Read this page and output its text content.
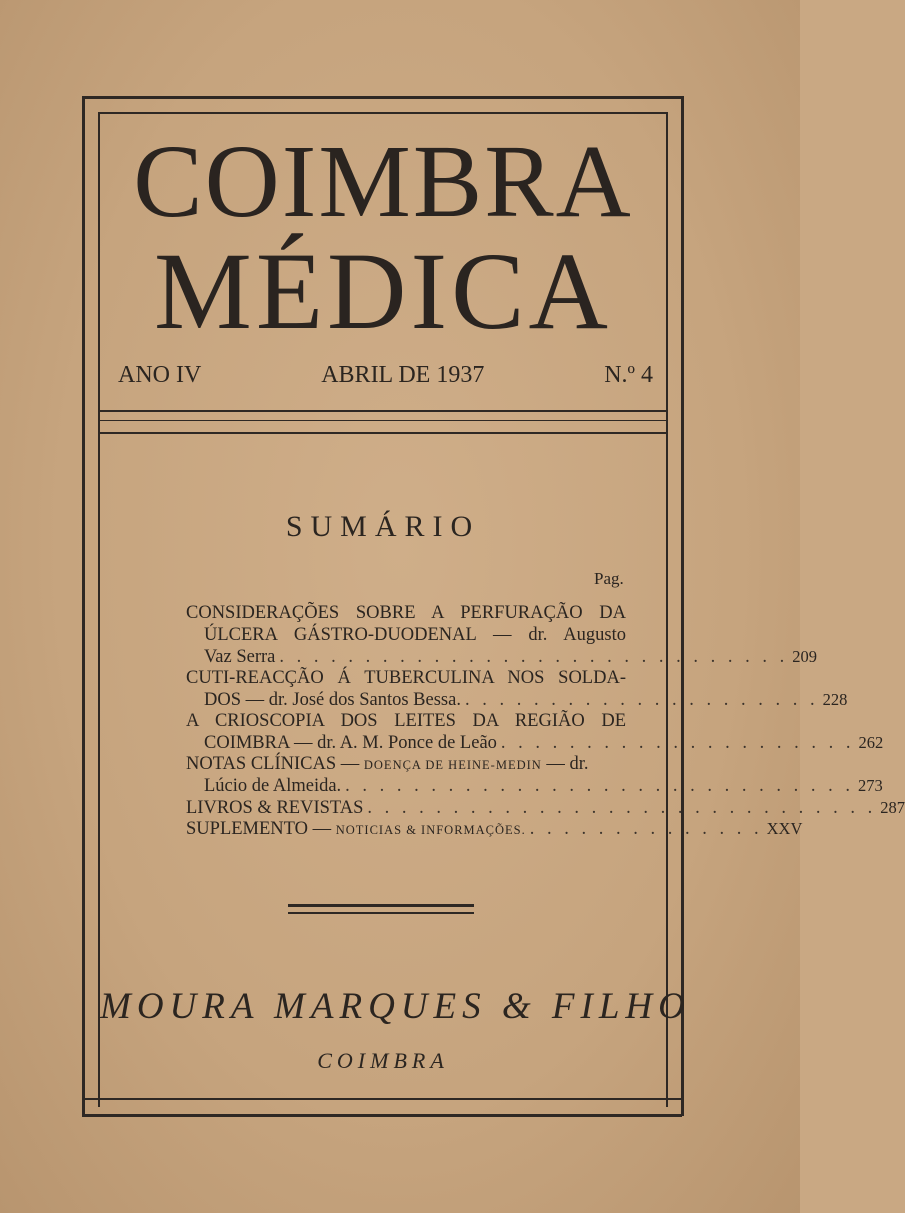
COIMBRA
MÉDICA
ANO IV	ABRIL DE 1937	N.º 4
SUMÁRIO
Pag.
CONSIDERAÇÕES SOBRE A PERFURAÇÃO DA
ÚLCERA GÁSTRO-DUODENAL — dr. Augusto
Vaz Serra . . . . . . . . . . . . . . . . . . . . . . . . . . . . . . 209
CUTI-REACÇÃO Á TUBERCULINA NOS SOLDA-
DOS — dr. José dos Santos Bessa. . . . . . . . . . . . . . . . . . . . . . 228
A CRIOSCOPIA DOS LEITES DA REGIÃO DE
COIMBRA — dr. A. M. Ponce de Leão . . . . . . . . . . . . . . . . . . . . . 262
NOTAS CLÍNICAS — DOENÇA DE HEINE-MEDIN — dr.
Lúcio de Almeida. . . . . . . . . . . . . . . . . . . . . . . . . . . . . . . 273
LIVROS & REVISTAS . . . . . . . . . . . . . . . . . . . . . . . . . . . . . . 287
SUPLEMENTO — NOTICIAS & INFORMAÇÕES. . . . . . . . . . . . . . . XXV
MOURA MARQUES & FILHO
COIMBRA
